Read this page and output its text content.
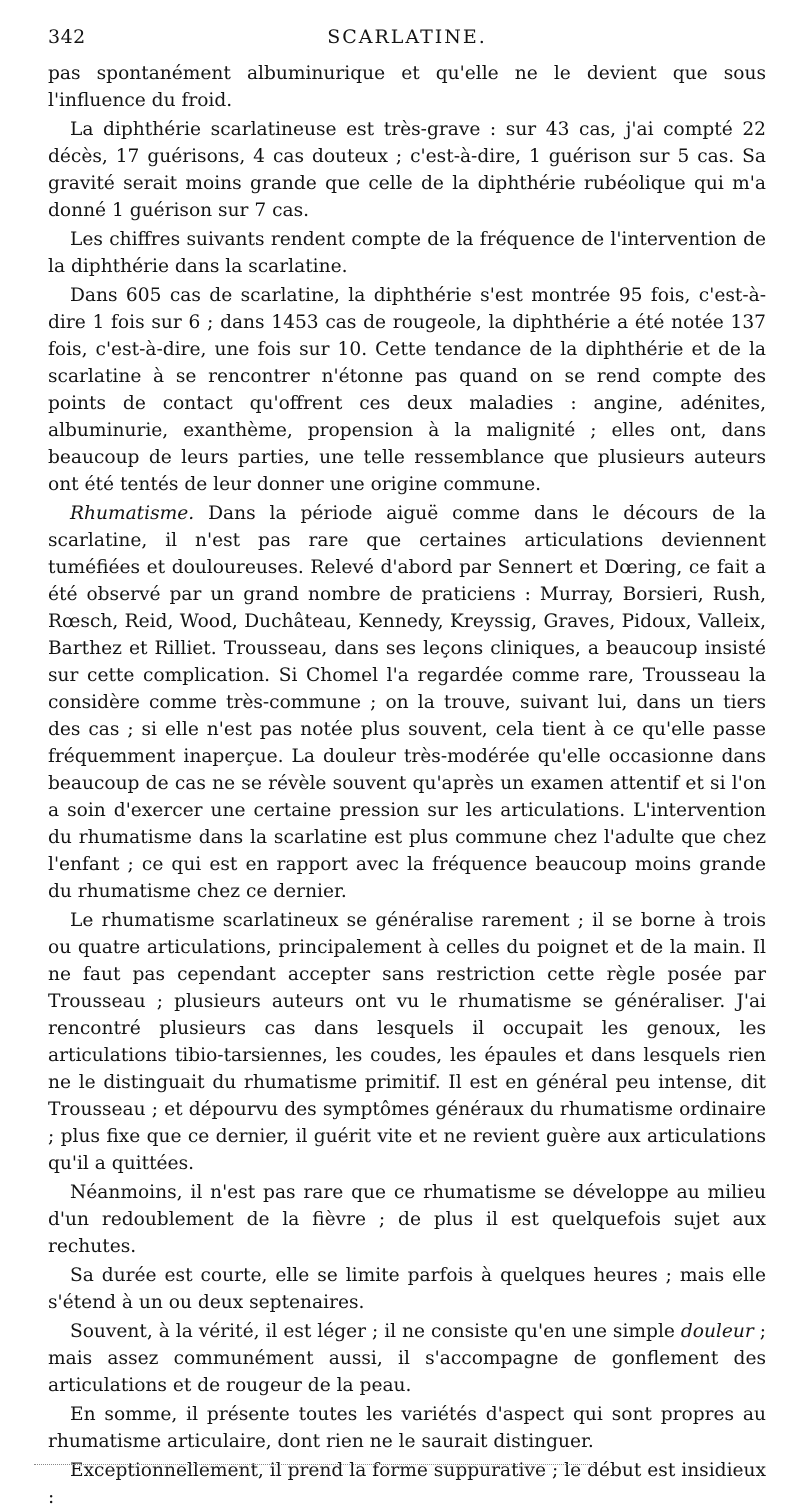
342	SCARLATINE.

pas spontanément albuminurique et qu'elle ne le devient que sous l'influence du froid.

La diphthérie scarlatineuse est très-grave : sur 43 cas, j'ai compté 22 décès, 17 guérisons, 4 cas douteux ; c'est-à-dire, 1 guérison sur 5 cas. Sa gravité serait moins grande que celle de la diphthérie rubéolique qui m'a donné 1 guérison sur 7 cas.

Les chiffres suivants rendent compte de la fréquence de l'intervention de la diphthérie dans la scarlatine.

Dans 605 cas de scarlatine, la diphthérie s'est montrée 95 fois, c'est-à-dire 1 fois sur 6 ; dans 1453 cas de rougeole, la diphthérie a été notée 137 fois, c'est-à-dire, une fois sur 10. Cette tendance de la diphthérie et de la scarlatine à se rencontrer n'étonne pas quand on se rend compte des points de contact qu'offrent ces deux maladies : angine, adénites, albuminurie, exanthème, propension à la malignité ; elles ont, dans beaucoup de leurs parties, une telle ressemblance que plusieurs auteurs ont été tentés de leur donner une origine commune.

Rhumatisme. Dans la période aiguë comme dans le décours de la scarlatine, il n'est pas rare que certaines articulations deviennent tuméfiées et douloureuses. Relevé d'abord par Sennert et Dœring, ce fait a été observé par un grand nombre de praticiens : Murray, Borsieri, Rush, Rœsch, Reid, Wood, Duchâteau, Kennedy, Kreyssig, Graves, Pidoux, Valleix, Barthez et Rilliet. Trousseau, dans ses leçons cliniques, a beaucoup insisté sur cette complication. Si Chomel l'a regardée comme rare, Trousseau la considère comme très-commune ; on la trouve, suivant lui, dans un tiers des cas ; si elle n'est pas notée plus souvent, cela tient à ce qu'elle passe fréquemment inaperçue. La douleur très-modérée qu'elle occasionne dans beaucoup de cas ne se révèle souvent qu'après un examen attentif et si l'on a soin d'exercer une certaine pression sur les articulations. L'intervention du rhumatisme dans la scarlatine est plus commune chez l'adulte que chez l'enfant ; ce qui est en rapport avec la fréquence beaucoup moins grande du rhumatisme chez ce dernier.

Le rhumatisme scarlatineux se généralise rarement ; il se borne à trois ou quatre articulations, principalement à celles du poignet et de la main. Il ne faut pas cependant accepter sans restriction cette règle posée par Trousseau ; plusieurs auteurs ont vu le rhumatisme se généraliser. J'ai rencontré plusieurs cas dans lesquels il occupait les genoux, les articulations tibio-tarsiennes, les coudes, les épaules et dans lesquels rien ne le distinguait du rhumatisme primitif. Il est en général peu intense, dit Trousseau ; et dépourvu des symptômes généraux du rhumatisme ordinaire ; plus fixe que ce dernier, il guérit vite et ne revient guère aux articulations qu'il a quittées.

Néanmoins, il n'est pas rare que ce rhumatisme se développe au milieu d'un redoublement de la fièvre ; de plus il est quelquefois sujet aux rechutes.

Sa durée est courte, elle se limite parfois à quelques heures ; mais elle s'étend à un ou deux septenaires.

Souvent, à la vérité, il est léger ; il ne consiste qu'en une simple douleur ; mais assez communément aussi, il s'accompagne de gonflement des articulations et de rougeur de la peau.

En somme, il présente toutes les variétés d'aspect qui sont propres au rhumatisme articulaire, dont rien ne le saurait distinguer.

Exceptionnellement, il prend la forme suppurative ; le début est insidieux :
